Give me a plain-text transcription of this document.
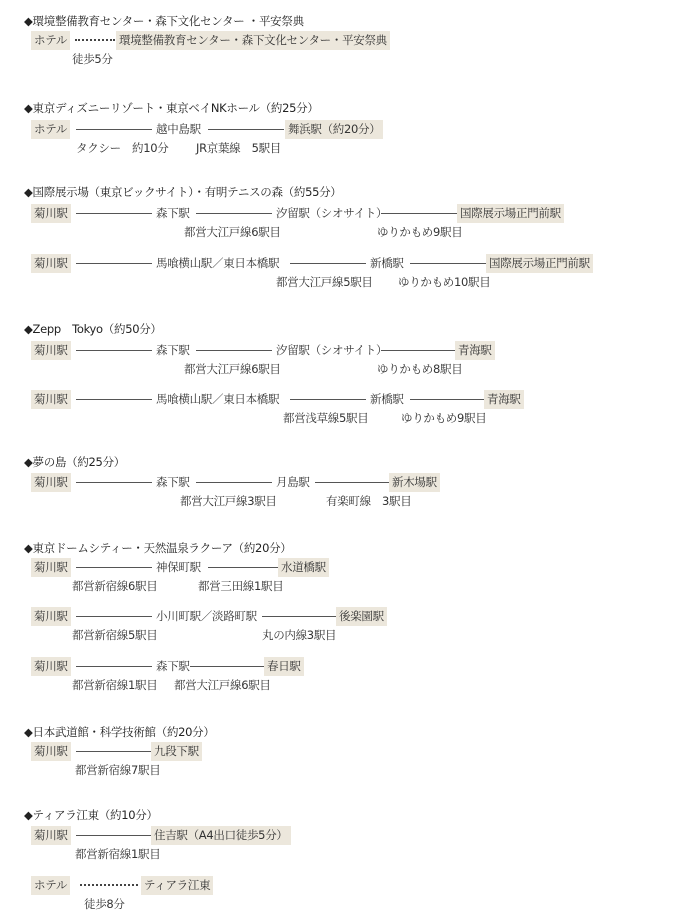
◆環境整備教育センター・森下文化センター ・平安祭典
ホテル	環境整備教育センター・森下文化センター・平安祭典
徒歩5分
◆東京ディズニーリゾート・東京ベイNKホール（約25分）
ホテル	越中島駅	舞浜駅（約20分）
タクシー　約10分 JR京葉線　5駅目
◆国際展示場（東京ビックサイト）・有明テニスの森（約55分）
菊川駅	森下駅	汐留駅（シオサイト）	国際展示場正門前駅
都営大江戸線6駅目	ゆりかもめ9駅目
菊川駅	馬喰横山駅／東日本橋駅	新橋駅	国際展示場正門前駅
都営大江戸線5駅目 ゆりかもめ10駅目
◆Zepp　Tokyo（約50分）
菊川駅	森下駅	汐留駅（シオサイト）	青海駅
都営大江戸線6駅目	ゆりかもめ8駅目
菊川駅	馬喰横山駅／東日本橋駅	新橋駅	青海駅
都営浅草線5駅目	ゆりかもめ9駅目
◆夢の島（約25分）
菊川駅	森下駅	月島駅	新木場駅
都営大江戸線3駅目	有楽町線　3駅目
◆東京ドームシティー・天然温泉ラクーア（約20分）
菊川駅	神保町駅	水道橋駅
都営新宿線6駅目	都営三田線1駅目
菊川駅	小川町駅／淡路町駅	後楽園駅
都営新宿線5駅目	丸の内線3駅目
菊川駅	森下駅	春日駅
都営新宿線1駅目 都営大江戸線6駅目
◆日本武道館・科学技術館（約20分）
菊川駅	九段下駅
都営新宿線7駅目
◆ティアラ江東（約10分）
菊川駅	住吉駅（A4出口徒歩5分）
都営新宿線1駅目
ホテル	ティアラ江東
徒歩8分
